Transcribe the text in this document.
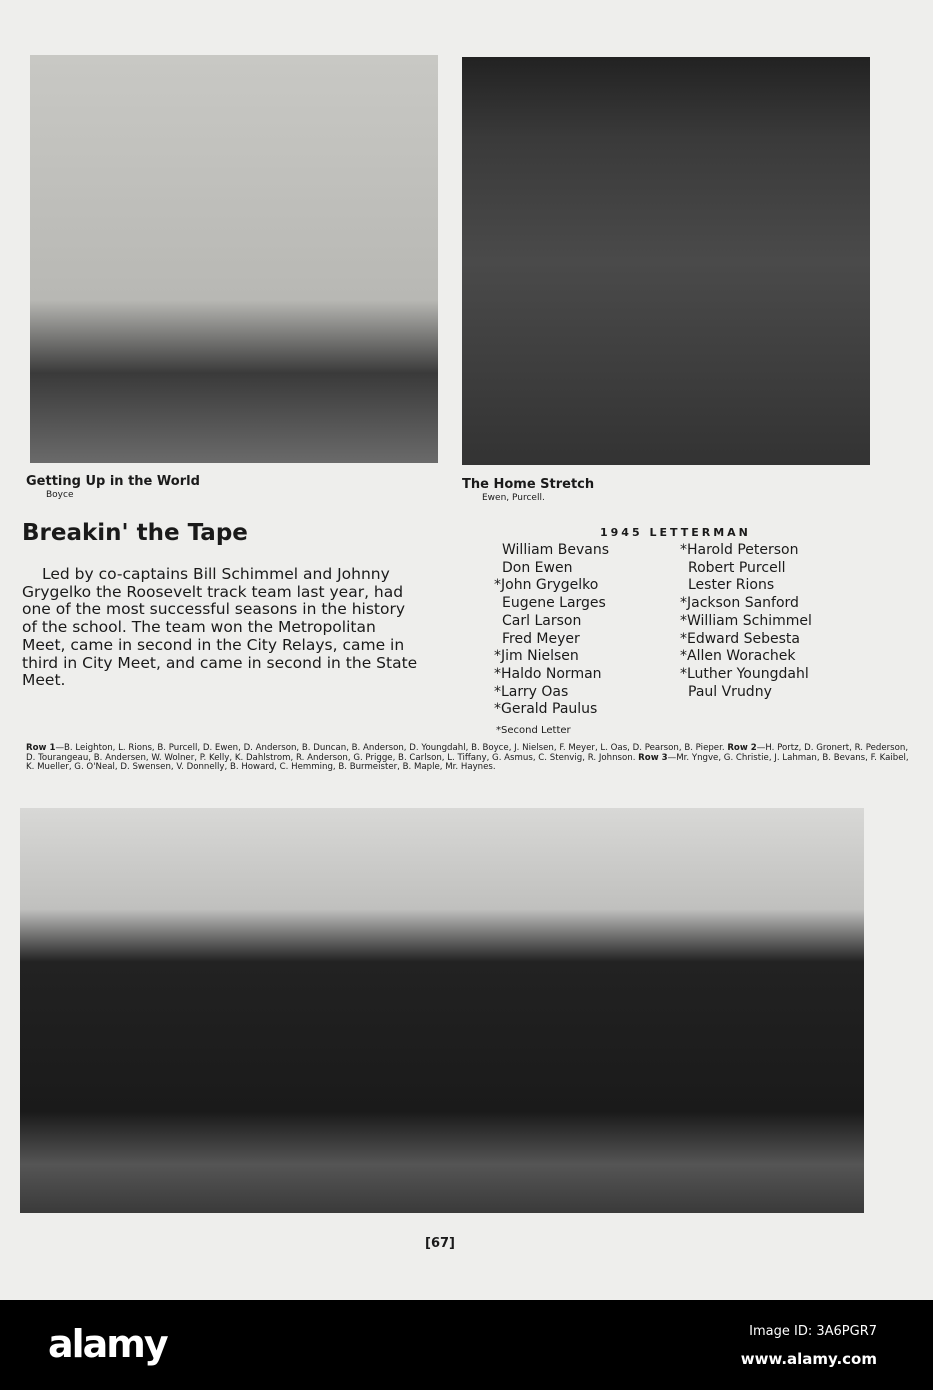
Getting Up in the World
Boyce
The Home Stretch
Ewen, Purcell.
Breakin' the Tape
Led by co-captains Bill Schimmel and Johnny Grygelko the Roosevelt track team last year, had one of the most successful seasons in the history of the school. The team won the Metropolitan Meet, came in second in the City Relays, came in third in City Meet, and came in second in the State Meet.
1945 LETTERMAN
William Bevans
Don Ewen
*John Grygelko
Eugene Larges
Carl Larson
Fred Meyer
*Jim Nielsen
*Haldo Norman
*Larry Oas
*Gerald Paulus
*Harold Peterson
Robert Purcell
Lester Rions
*Jackson Sanford
*William Schimmel
*Edward Sebesta
*Allen Worachek
*Luther Youngdahl
Paul Vrudny
*Second Letter
Row 1—B. Leighton, L. Rions, B. Purcell, D. Ewen, D. Anderson, B. Duncan, B. Anderson, D. Youngdahl, B. Boyce, J. Nielsen, F. Meyer, L. Oas, D. Pearson, B. Pieper. Row 2—H. Portz, D. Gronert, R. Pederson, D. Tourangeau, B. Andersen, W. Wolner, P. Kelly, K. Dahlstrom, R. Anderson, G. Prigge, B. Carlson, L. Tiffany, G. Asmus, C. Stenvig, R. Johnson. Row 3—Mr. Yngve, G. Christie, J. Lahman, B. Bevans, F. Kaibel, K. Mueller, G. O'Neal, D. Swensen, V. Donnelly, B. Howard, C. Hemming, B. Burmeister, B. Maple, Mr. Haynes.
[67]
alamy	Image ID: 3A6PGR7
www.alamy.com
